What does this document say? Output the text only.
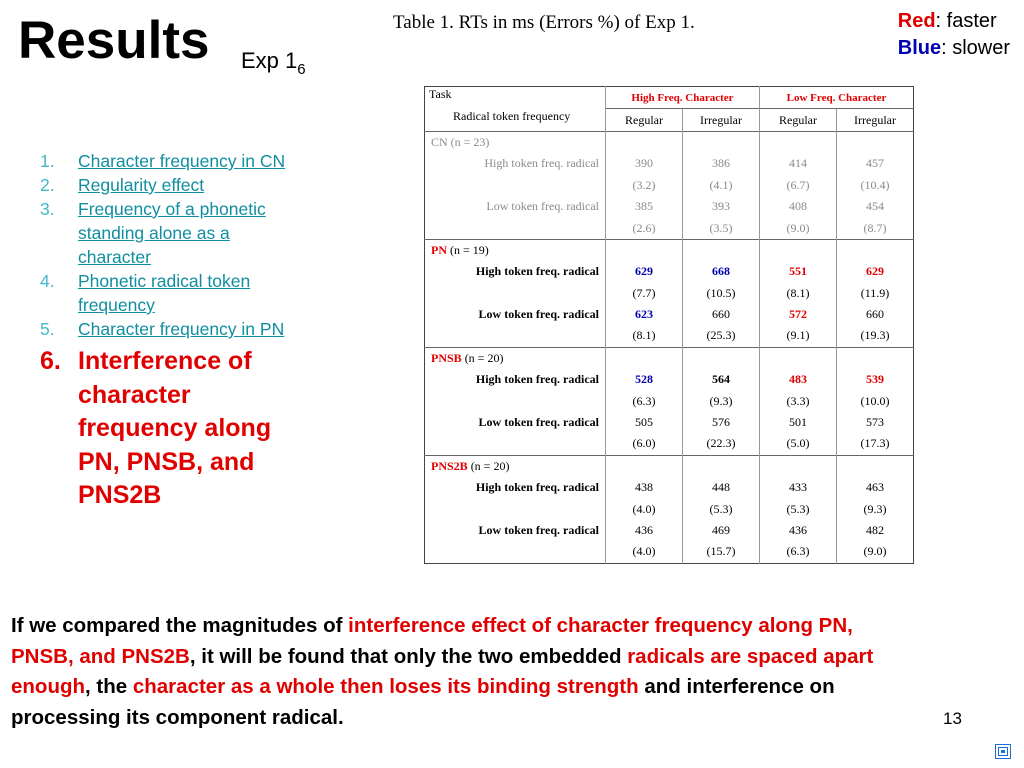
Results Exp $1_6$
Table 1. RTs in ms (Errors %) of Exp 1.	Red: faster
Blue: slower
1. Character frequency in CN
2. Regularity effect
3. Frequency of a phonetic standing alone as a character
4. Phonetic radical token frequency
5. Character frequency in PN
6. Interference of character frequency along PN, PNSB, and PNS2B
Task
Radical token frequency	High Freq. Character		Low Freq. Character	
	Regular	Irregular	Regular	Irregular
CN (n = 23)				
High token freq. radical	390	386	414	457
	(3.2)	(4.1)	(6.7)	(10.4)
Low token freq. radical	385	393	408	454
	(2.6)	(3.5)	(9.0)	(8.7)
PN (n = 19)				
High token freq. radical	629	668	551	629
	(7.7)	(10.5)	(8.1)	(11.9)
Low token freq. radical	623	660	572	660
	(8.1)	(25.3)	(9.1)	(19.3)
PNSB (n = 20)				
High token freq. radical	528	564	483	539
	(6.3)	(9.3)	(3.3)	(10.0)
Low token freq. radical	505	576	501	573
	(6.0)	(22.3)	(5.0)	(17.3)
PNS2B (n = 20)				
High token freq. radical	438	448	433	463
	(4.0)	(5.3)	(5.3)	(9.3)
Low token freq. radical	436	469	436	482
	(4.0)	(15.7)	(6.3)	(9.0)
If we compared the magnitudes of interference effect of character frequency along PN, PNSB, and PNS2B, it will be found that only the two embedded radicals are spaced apart enough, the character as a whole then loses its binding strength and interference on processing its component radical.	13
